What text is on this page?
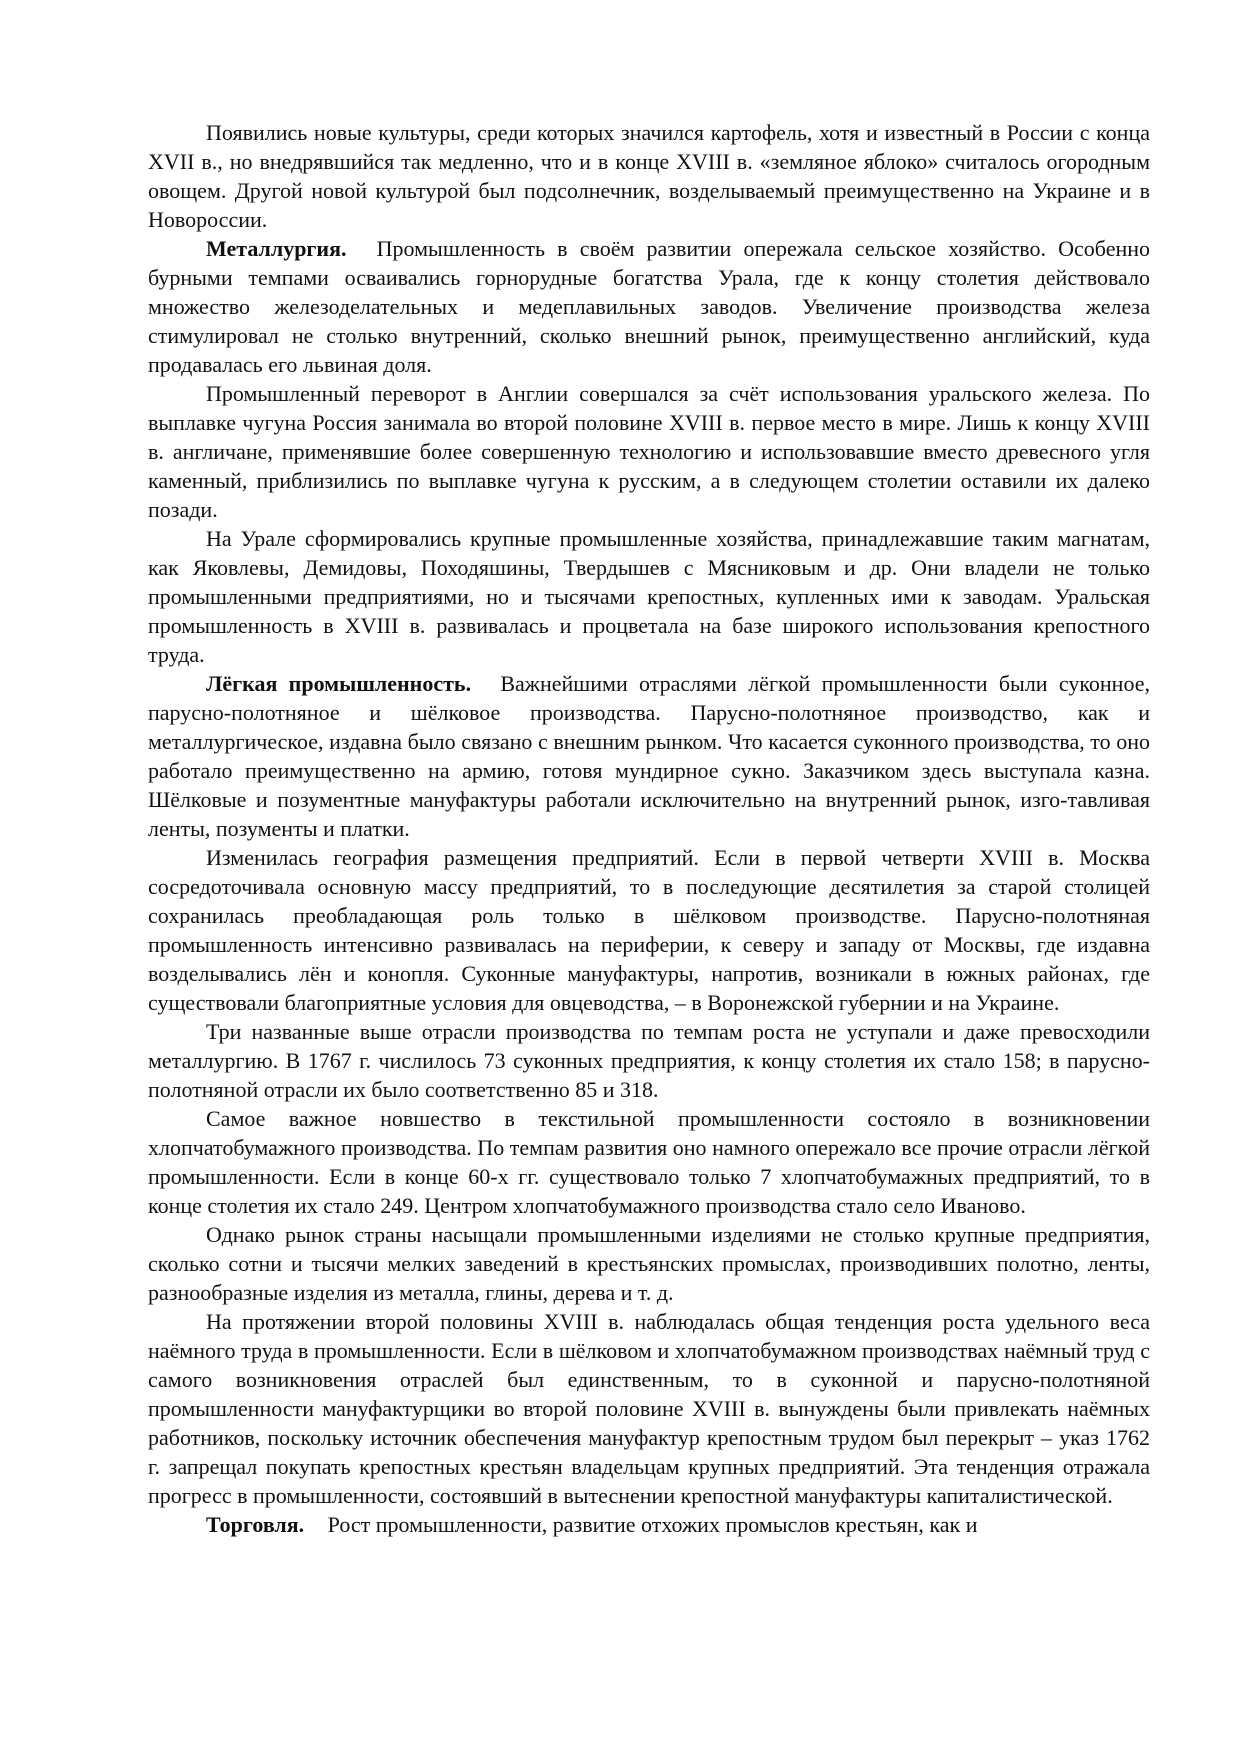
Появились новые культуры, среди которых значился картофель, хотя и известный в России с конца XVII в., но внедрявшийся так медленно, что и в конце XVIII в. «земляное яблоко» считалось огородным овощем. Другой новой культурой был подсолнечник, возделываемый преимущественно на Украине и в Новороссии.

Металлургия. Промышленность в своём развитии опережала сельское хозяйство. Особенно бурными темпами осваивались горнорудные богатства Урала, где к концу столетия действовало множество железоделательных и медеплавильных заводов. Увеличение производства железа стимулировал не столько внутренний, сколько внешний рынок, преимущественно английский, куда продавалась его львиная доля.

Промышленный переворот в Англии совершался за счёт использования уральского железа. По выплавке чугуна Россия занимала во второй половине XVIII в. первое место в мире. Лишь к концу XVIII в. англичане, применявшие более совершенную технологию и использовавшие вместо древесного угля каменный, приблизились по выплавке чугуна к русским, а в следующем столетии оставили их далеко позади.

На Урале сформировались крупные промышленные хозяйства, принадлежавшие таким магнатам, как Яковлевы, Демидовы, Походяшины, Твердышев с Мясниковым и др. Они владели не только промышленными предприятиями, но и тысячами крепостных, купленных ими к заводам. Уральская промышленность в XVIII в. развивалась и процветала на базе широкого использования крепостного труда.

Лёгкая промышленность. Важнейшими отраслями лёгкой промышленности были суконное, парусно-полотняное и шёлковое производства. Парусно-полотняное производство, как и металлургическое, издавна было связано с внешним рынком. Что касается суконного производства, то оно работало преимущественно на армию, готовя мундирное сукно. Заказчиком здесь выступала казна. Шёлковые и позументные мануфактуры работали исключительно на внутренний рынок, изго-тавливая ленты, позументы и платки.

Изменилась география размещения предприятий. Если в первой четверти XVIII в. Москва сосредоточивала основную массу предприятий, то в последующие десятилетия за старой столицей сохранилась преобладающая роль только в шёлковом производстве. Парусно-полотняная промышленность интенсивно развивалась на периферии, к северу и западу от Москвы, где издавна возделывались лён и конопля. Суконные мануфактуры, напротив, возникали в южных районах, где существовали благоприятные условия для овцеводства, – в Воронежской губернии и на Украине.

Три названные выше отрасли производства по темпам роста не уступали и даже превосходили металлургию. В 1767 г. числилось 73 суконных предприятия, к концу столетия их стало 158; в парусно-полотняной отрасли их было соответственно 85 и 318.

Самое важное новшество в текстильной промышленности состояло в возникновении хлопчатобумажного производства. По темпам развития оно намного опережало все прочие отрасли лёгкой промышленности. Если в конце 60-х гг. существовало только 7 хлопчатобумажных предприятий, то в конце столетия их стало 249. Центром хлопчатобумажного производства стало село Иваново.

Однако рынок страны насыщали промышленными изделиями не столько крупные предприятия, сколько сотни и тысячи мелких заведений в крестьянских промыслах, производивших полотно, ленты, разнообразные изделия из металла, глины, дерева и т. д.

На протяжении второй половины XVIII в. наблюдалась общая тенденция роста удельного веса наёмного труда в промышленности. Если в шёлковом и хлопчатобумажном производствах наёмный труд с самого возникновения отраслей был единственным, то в суконной и парусно-полотняной промышленности мануфактурщики во второй половине XVIII в. вынуждены были привлекать наёмных работников, поскольку источник обеспечения мануфактур крепостным трудом был перекрыт – указ 1762 г. запрещал покупать крепостных крестьян владельцам крупных предприятий. Эта тенденция отражала прогресс в промышленности, состоявший в вытеснении крепостной мануфактуры капиталистической.

Торговля. Рост промышленности, развитие отхожих промыслов крестьян, как и
